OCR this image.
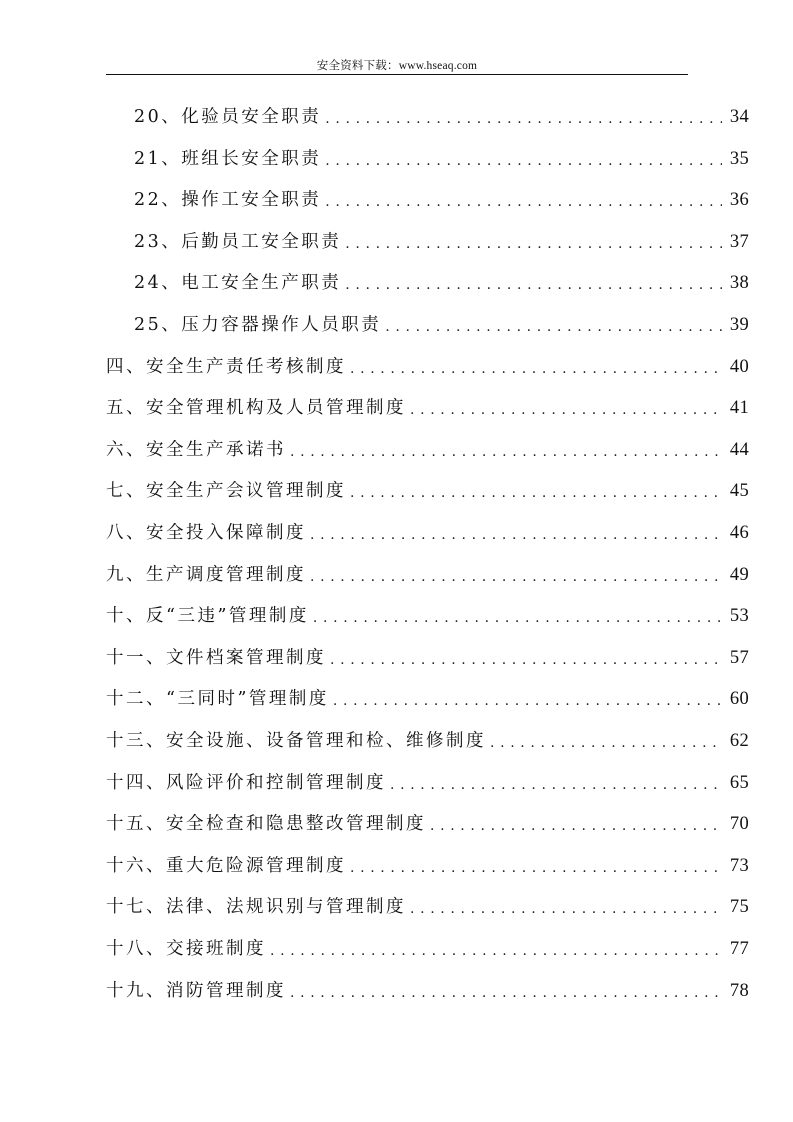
安全资料下载：www.hseaq.com
20、化验员安全职责 . . .	34
21、班组长安全职责 . . .	35
22、操作工安全职责 . . .	36
23、后勤员工安全职责 . . .	37
24、电工安全生产职责 . . .	38
25、压力容器操作人员职责 . . .	39
四、安全生产责任考核制度 . . .	40
五、安全管理机构及人员管理制度 . . .	41
六、安全生产承诺书 . . .	44
七、安全生产会议管理制度 . . .	45
八、安全投入保障制度 . . .	46
九、生产调度管理制度 . . .	49
十、反“三违”管理制度 . . .	53
十一、文件档案管理制度 . . .	57
十二、“三同时”管理制度 . . .	60
十三、安全设施、设备管理和检、维修制度 . . .	62
十四、风险评价和控制管理制度 . . .	65
十五、安全检查和隐患整改管理制度 . . .	70
十六、重大危险源管理制度 . . .	73
十七、法律、法规识别与管理制度 . . .	75
十八、交接班制度 . . .	77
十九、消防管理制度 . . .	78
